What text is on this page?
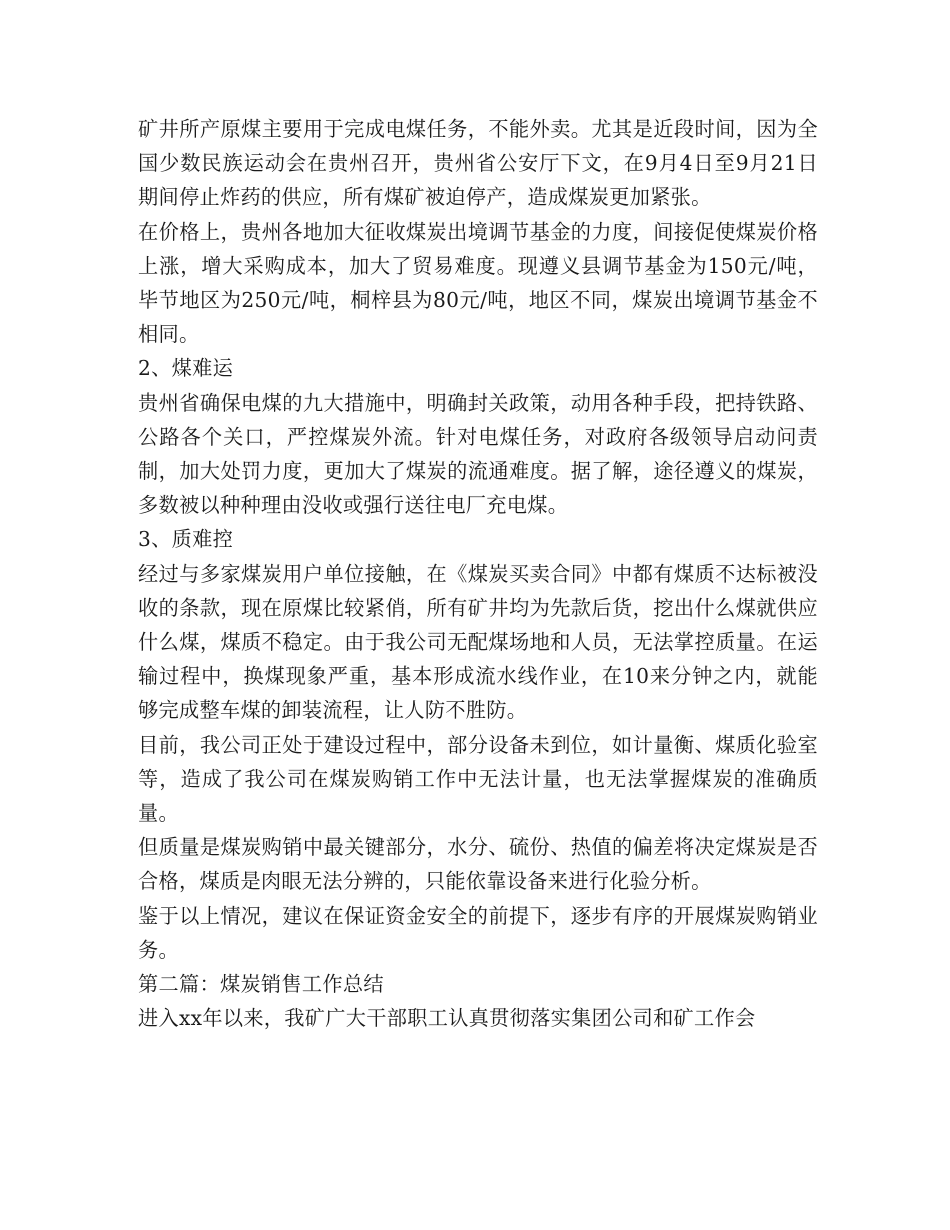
矿井所产原煤主要用于完成电煤任务，不能外卖。尤其是近段时间，因为全国少数民族运动会在贵州召开，贵州省公安厅下文，在9月4日至9月21日期间停止炸药的供应，所有煤矿被迫停产，造成煤炭更加紧张。

在价格上，贵州各地加大征收煤炭出境调节基金的力度，间接促使煤炭价格上涨，增大采购成本，加大了贸易难度。现遵义县调节基金为150元/吨，毕节地区为250元/吨，桐梓县为80元/吨，地区不同，煤炭出境调节基金不相同。

2、煤难运

贵州省确保电煤的九大措施中，明确封关政策，动用各种手段，把持铁路、公路各个关口，严控煤炭外流。针对电煤任务，对政府各级领导启动问责制，加大处罚力度，更加大了煤炭的流通难度。据了解，途径遵义的煤炭，多数被以种种理由没收或强行送往电厂充电煤。

3、质难控

经过与多家煤炭用户单位接触，在《煤炭买卖合同》中都有煤质不达标被没收的条款，现在原煤比较紧俏，所有矿井均为先款后货，挖出什么煤就供应什么煤，煤质不稳定。由于我公司无配煤场地和人员，无法掌控质量。在运输过程中，换煤现象严重，基本形成流水线作业，在10来分钟之内，就能够完成整车煤的卸装流程，让人防不胜防。

目前，我公司正处于建设过程中，部分设备未到位，如计量衡、煤质化验室等，造成了我公司在煤炭购销工作中无法计量，也无法掌握煤炭的准确质量。

但质量是煤炭购销中最关键部分，水分、硫份、热值的偏差将决定煤炭是否合格，煤质是肉眼无法分辨的，只能依靠设备来进行化验分析。

鉴于以上情况，建议在保证资金安全的前提下，逐步有序的开展煤炭购销业务。

第二篇：煤炭销售工作总结

进入xx年以来，我矿广大干部职工认真贯彻落实集团公司和矿工作会
